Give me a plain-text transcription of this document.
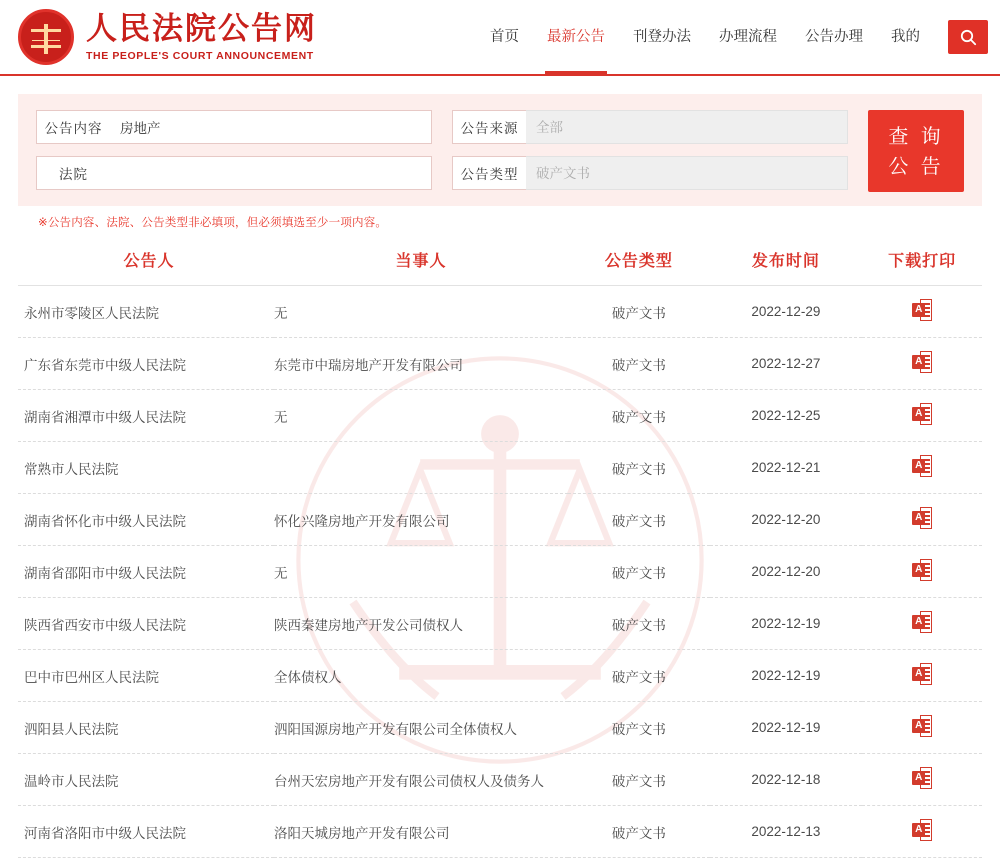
人民法院公告网
THE PEOPLE'S COURT ANNOUNCEMENT
首页	最新公告	刊登办法	办理流程	公告办理	我的
公告内容
房地产	公告来源
全部
法院	公告类型
破产文书
查 询
公 告
※公告内容、法院、公告类型非必填项，但必须填选至少一项内容。
公告人	当事人	公告类型	发布时间	下载打印
永州市零陵区人民法院	无	破产文书	2022-12-29	
A

广东省东莞市中级人民法院	东莞市中瑞房地产开发有限公司	破产文书	2022-12-27	
A

湖南省湘潭市中级人民法院	无	破产文书	2022-12-25	
A

常熟市人民法院		破产文书	2022-12-21	
A

湖南省怀化市中级人民法院	怀化兴隆房地产开发有限公司	破产文书	2022-12-20	
A

湖南省邵阳市中级人民法院	无	破产文书	2022-12-20	
A

陕西省西安市中级人民法院	陕西秦建房地产开发公司债权人	破产文书	2022-12-19	
A

巴中市巴州区人民法院	全体债权人	破产文书	2022-12-19	
A

泗阳县人民法院	泗阳国源房地产开发有限公司全体债权人	破产文书	2022-12-19	
A

温岭市人民法院	台州天宏房地产开发有限公司债权人及债务人	破产文书	2022-12-18	
A

河南省洛阳市中级人民法院	洛阳天城房地产开发有限公司	破产文书	2022-12-13	
A
